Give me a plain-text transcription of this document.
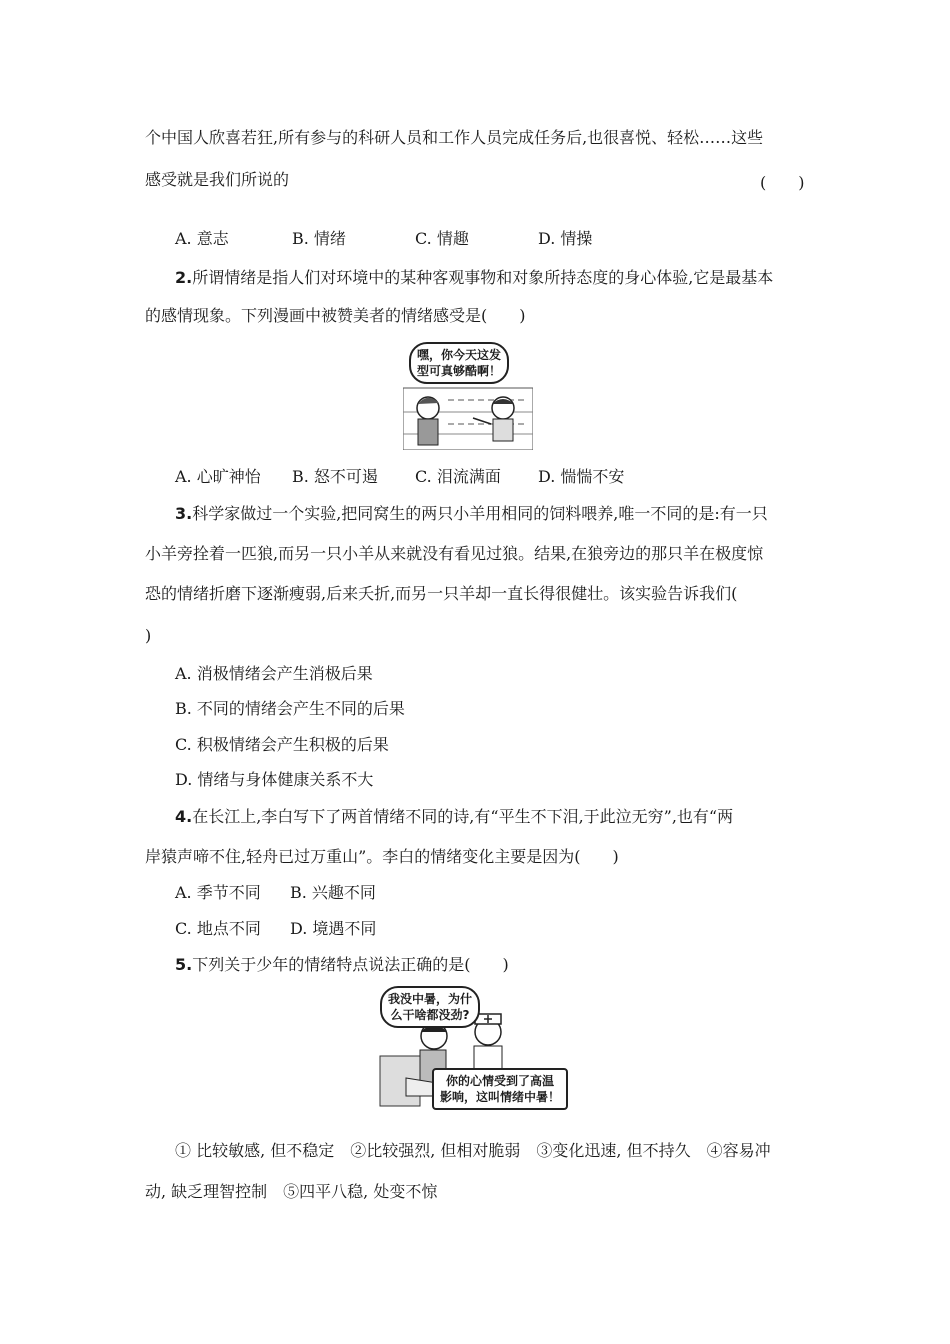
个中国人欣喜若狂,所有参与的科研人员和工作人员完成任务后,也很喜悦、轻松……这些
感受就是我们所说的	(　　)
A. 意志	B. 情绪	C. 情趣	D. 情操
2.所谓情绪是指人们对环境中的某种客观事物和对象所持态度的身心体验,它是最基本
的感情现象。下列漫画中被赞美者的情绪感受是(　　)
嘿，你今天这发
型可真够酷啊！
A. 心旷神怡 B. 怒不可遏 C. 泪流满面 D. 惴惴不安
3.科学家做过一个实验,把同窝生的两只小羊用相同的饲料喂养,唯一不同的是:有一只
小羊旁拴着一匹狼,而另一只小羊从来就没有看见过狼。结果,在狼旁边的那只羊在极度惊
恐的情绪折磨下逐渐瘦弱,后来夭折,而另一只羊却一直长得很健壮。该实验告诉我们(
)
A. 消极情绪会产生消极后果
B. 不同的情绪会产生不同的后果
C. 积极情绪会产生积极的后果
D. 情绪与身体健康关系不大
4.在长江上,李白写下了两首情绪不同的诗,有“平生不下泪,于此泣无穷”,也有“两
岸猿声啼不住,轻舟已过万重山”。李白的情绪变化主要是因为(　　)
A. 季节不同 B. 兴趣不同
C. 地点不同 D. 境遇不同
5.下列关于少年的情绪特点说法正确的是(　　)
我没中暑，为什
么干啥都没劲?
你的心情受到了高温
影响，这叫情绪中暑！
① 比较敏感, 但不稳定　②比较强烈, 但相对脆弱　③变化迅速, 但不持久　④容易冲
动, 缺乏理智控制　⑤四平八稳, 处变不惊
